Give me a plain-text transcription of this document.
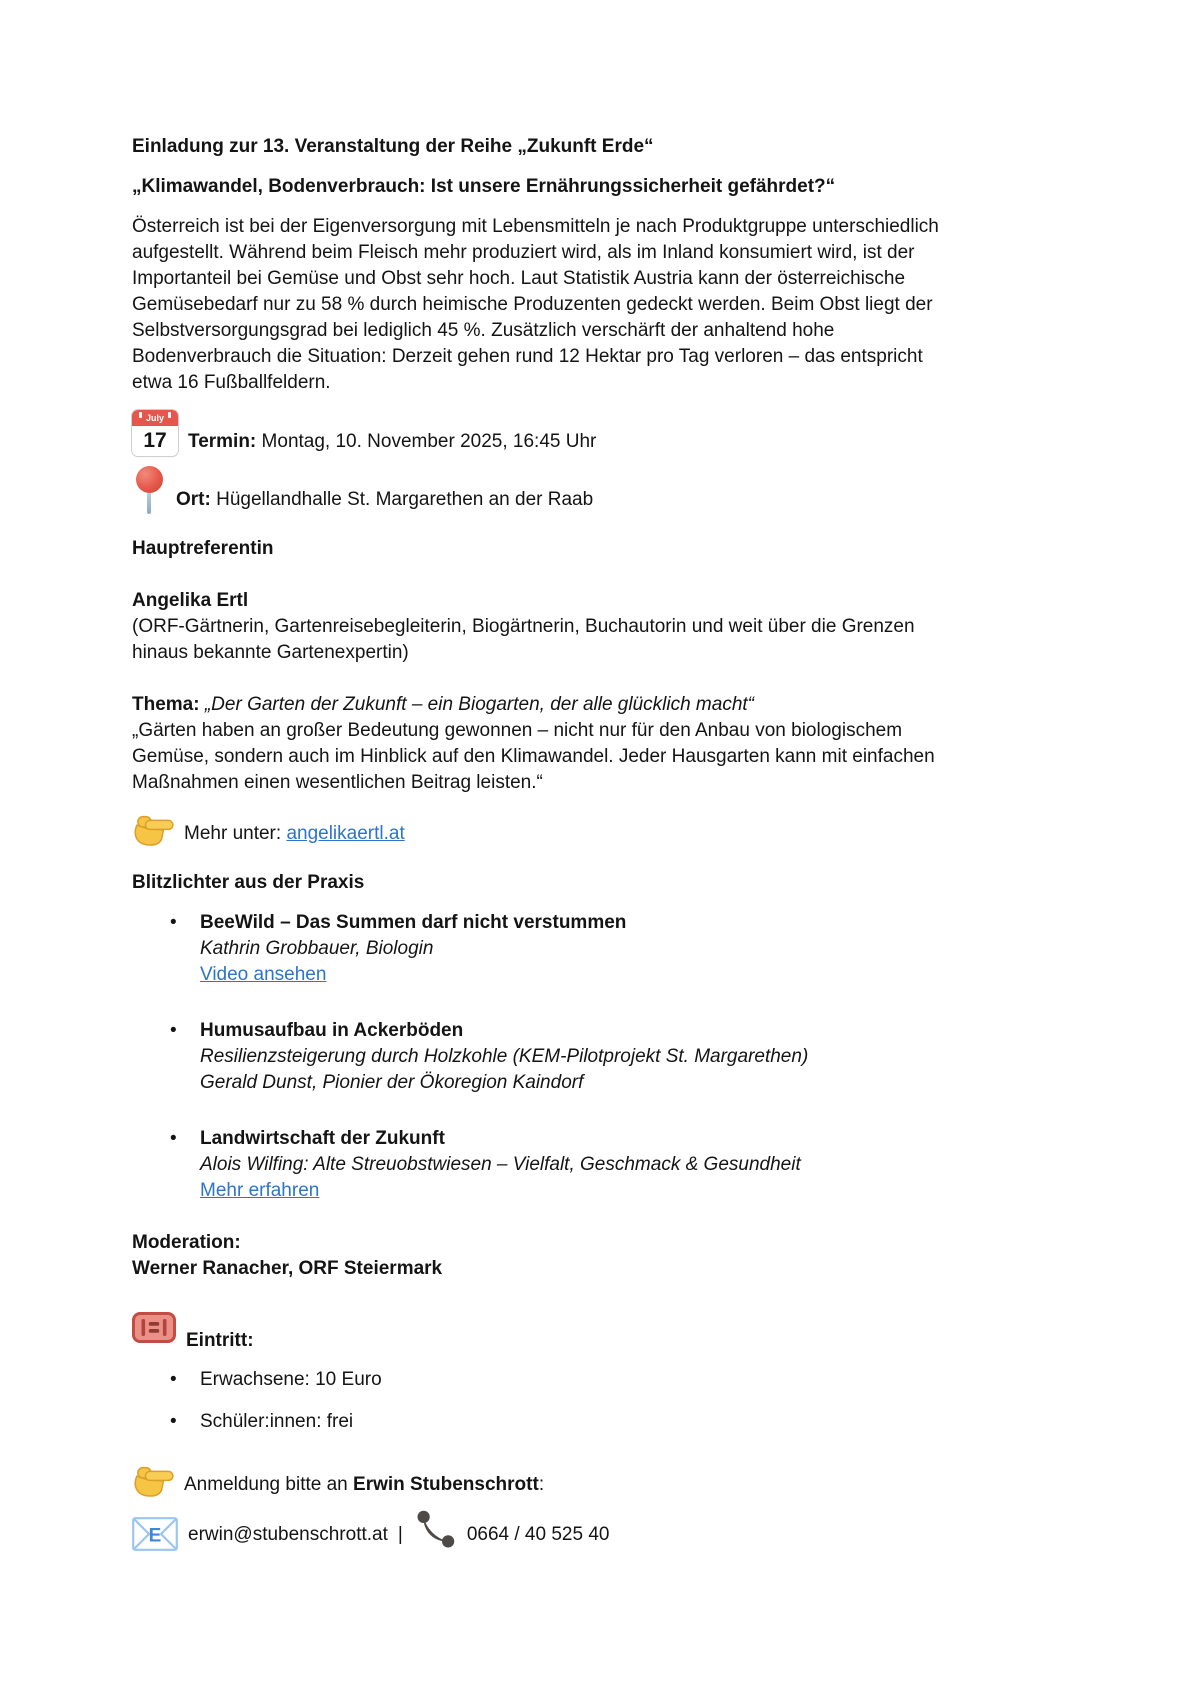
Einladung zur 13. Veranstaltung der Reihe „Zukunft Erde“
„Klimawandel, Bodenverbrauch: Ist unsere Ernährungssicherheit gefährdet?“

Österreich ist bei der Eigenversorgung mit Lebensmitteln je nach Produktgruppe unterschiedlich aufgestellt. Während beim Fleisch mehr produziert wird, als im Inland konsumiert wird, ist der Importanteil bei Gemüse und Obst sehr hoch. Laut Statistik Austria kann der österreichische Gemüsebedarf nur zu 58 % durch heimische Produzenten gedeckt werden. Beim Obst liegt der Selbstversorgungsgrad bei lediglich 45 %. Zusätzlich verschärft der anhaltend hohe Bodenverbrauch die Situation: Derzeit gehen rund 12 Hektar pro Tag verloren – das entspricht etwa 16 Fußballfeldern.

July
17	Termin: Montag, 10. November 2025, 16:45 Uhr
Ort: Hügellandhalle St. Margarethen an der Raab
Hauptreferentin
Angelika Ertl

(ORF-Gärtnerin, Gartenreisebegleiterin, Biogärtnerin, Buchautorin und weit über die Grenzen hinaus bekannte Gartenexpertin)

Thema: „Der Garten der Zukunft – ein Biogarten, der alle glücklich macht“

„Gärten haben an großer Bedeutung gewonnen – nicht nur für den Anbau von biologischem Gemüse, sondern auch im Hinblick auf den Klimawandel. Jeder Hausgarten kann mit einfachen Maßnahmen einen wesentlichen Beitrag leisten.“

Mehr unter: angelikaertl.at
Blitzlichter aus der Praxis
• BeeWild – Das Summen darf nicht verstummen
Kathrin Grobbauer, Biologin
Video ansehen
• Humusaufbau in Ackerböden
Resilienzsteigerung durch Holzkohle (KEM-Pilotprojekt St. Margarethen)
Gerald Dunst, Pionier der Ökoregion Kaindorf
• Landwirtschaft der Zukunft
Alois Wilfing: Alte Streuobstwiesen – Vielfalt, Geschmack & Gesundheit
Mehr erfahren
Moderation:
Werner Ranacher, ORF Steiermark
Eintritt:
• Erwachsene: 10 Euro
• Schüler:innen: frei
Anmeldung bitte an Erwin Stubenschrott:
E erwin@stubenschrott.at |	0664 / 40 525 40
